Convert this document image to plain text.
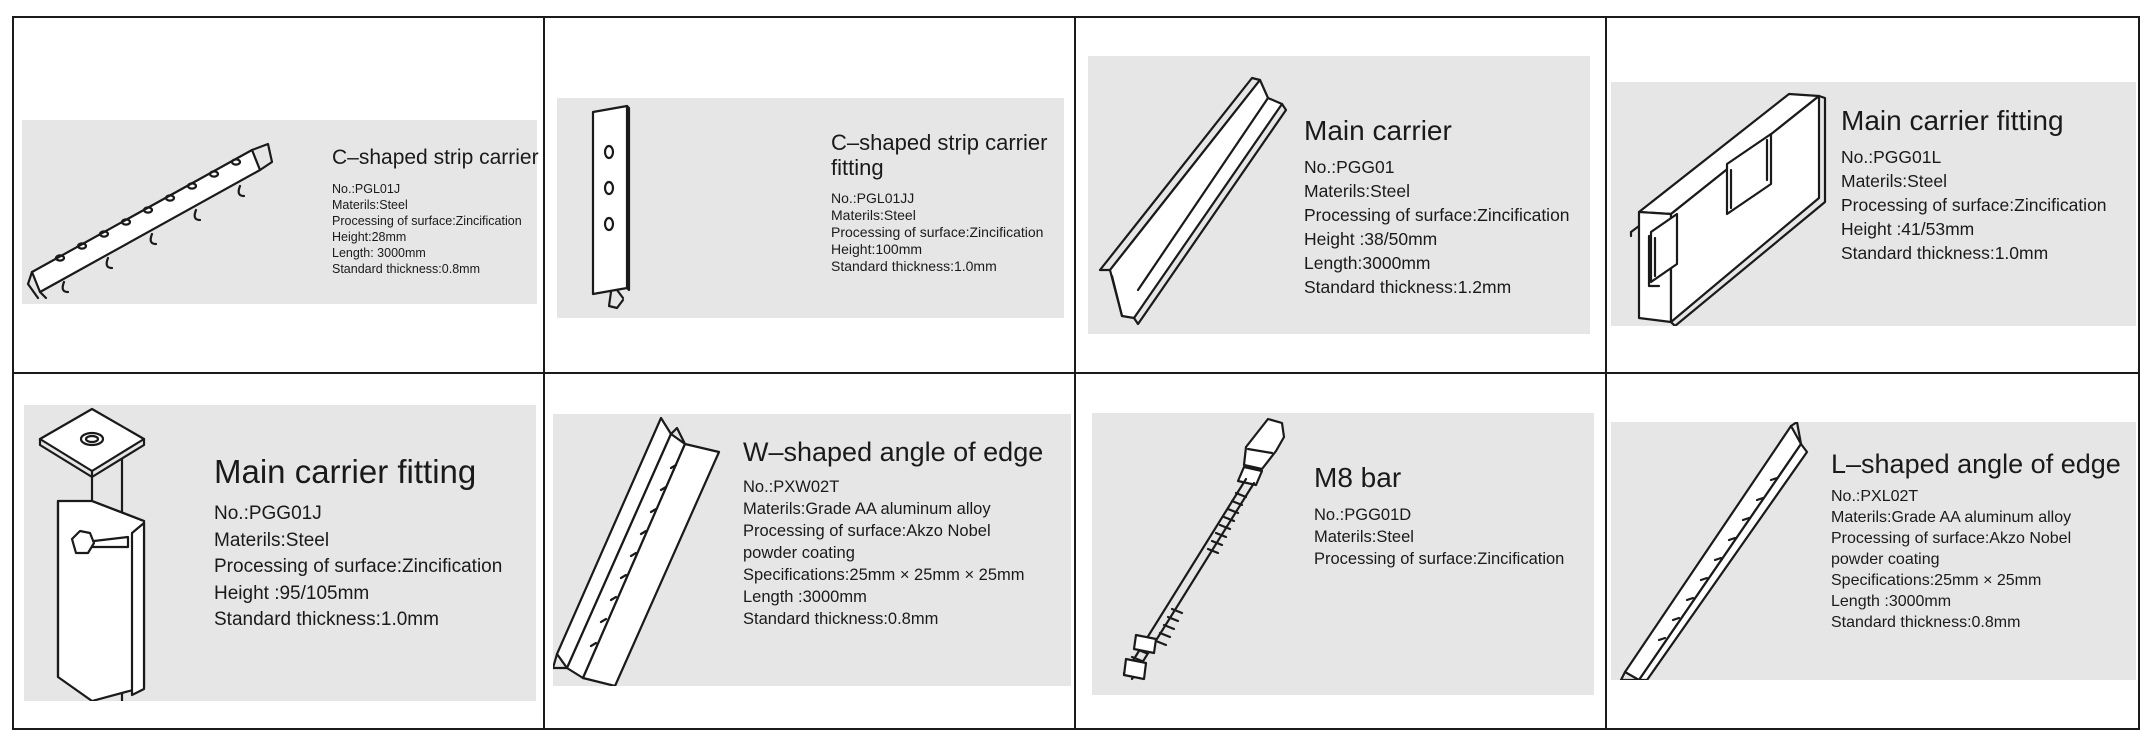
C–shaped strip carrier
No.:PGL01J
Materils:Steel
Processing of surface:Zincification
Height:28mm
Length: 3000mm
Standard thickness:0.8mm
C–shaped strip carrier
fitting
No.:PGL01JJ
Materils:Steel
Processing of surface:Zincification
Height:100mm
Standard thickness:1.0mm
Main carrier
No.:PGG01
Materils:Steel
Processing of surface:Zincification
Height :38/50mm
Length:3000mm
Standard thickness:1.2mm
Main carrier fitting
No.:PGG01L
Materils:Steel
Processing of surface:Zincification
Height :41/53mm
Standard thickness:1.0mm
Main carrier fitting
No.:PGG01J
Materils:Steel
Processing of surface:Zincification
Height :95/105mm
Standard thickness:1.0mm
W–shaped angle of edge
No.:PXW02T
Materils:Grade AA aluminum alloy
Processing of surface:Akzo Nobel
powder coating
Specifications:25mm × 25mm × 25mm
Length :3000mm
Standard thickness:0.8mm
M8 bar
No.:PGG01D
Materils:Steel
Processing of surface:Zincification
L–shaped angle of edge
No.:PXL02T
Materils:Grade AA aluminum alloy
Processing of surface:Akzo Nobel
powder coating
Specifications:25mm × 25mm
Length :3000mm
Standard thickness:0.8mm
